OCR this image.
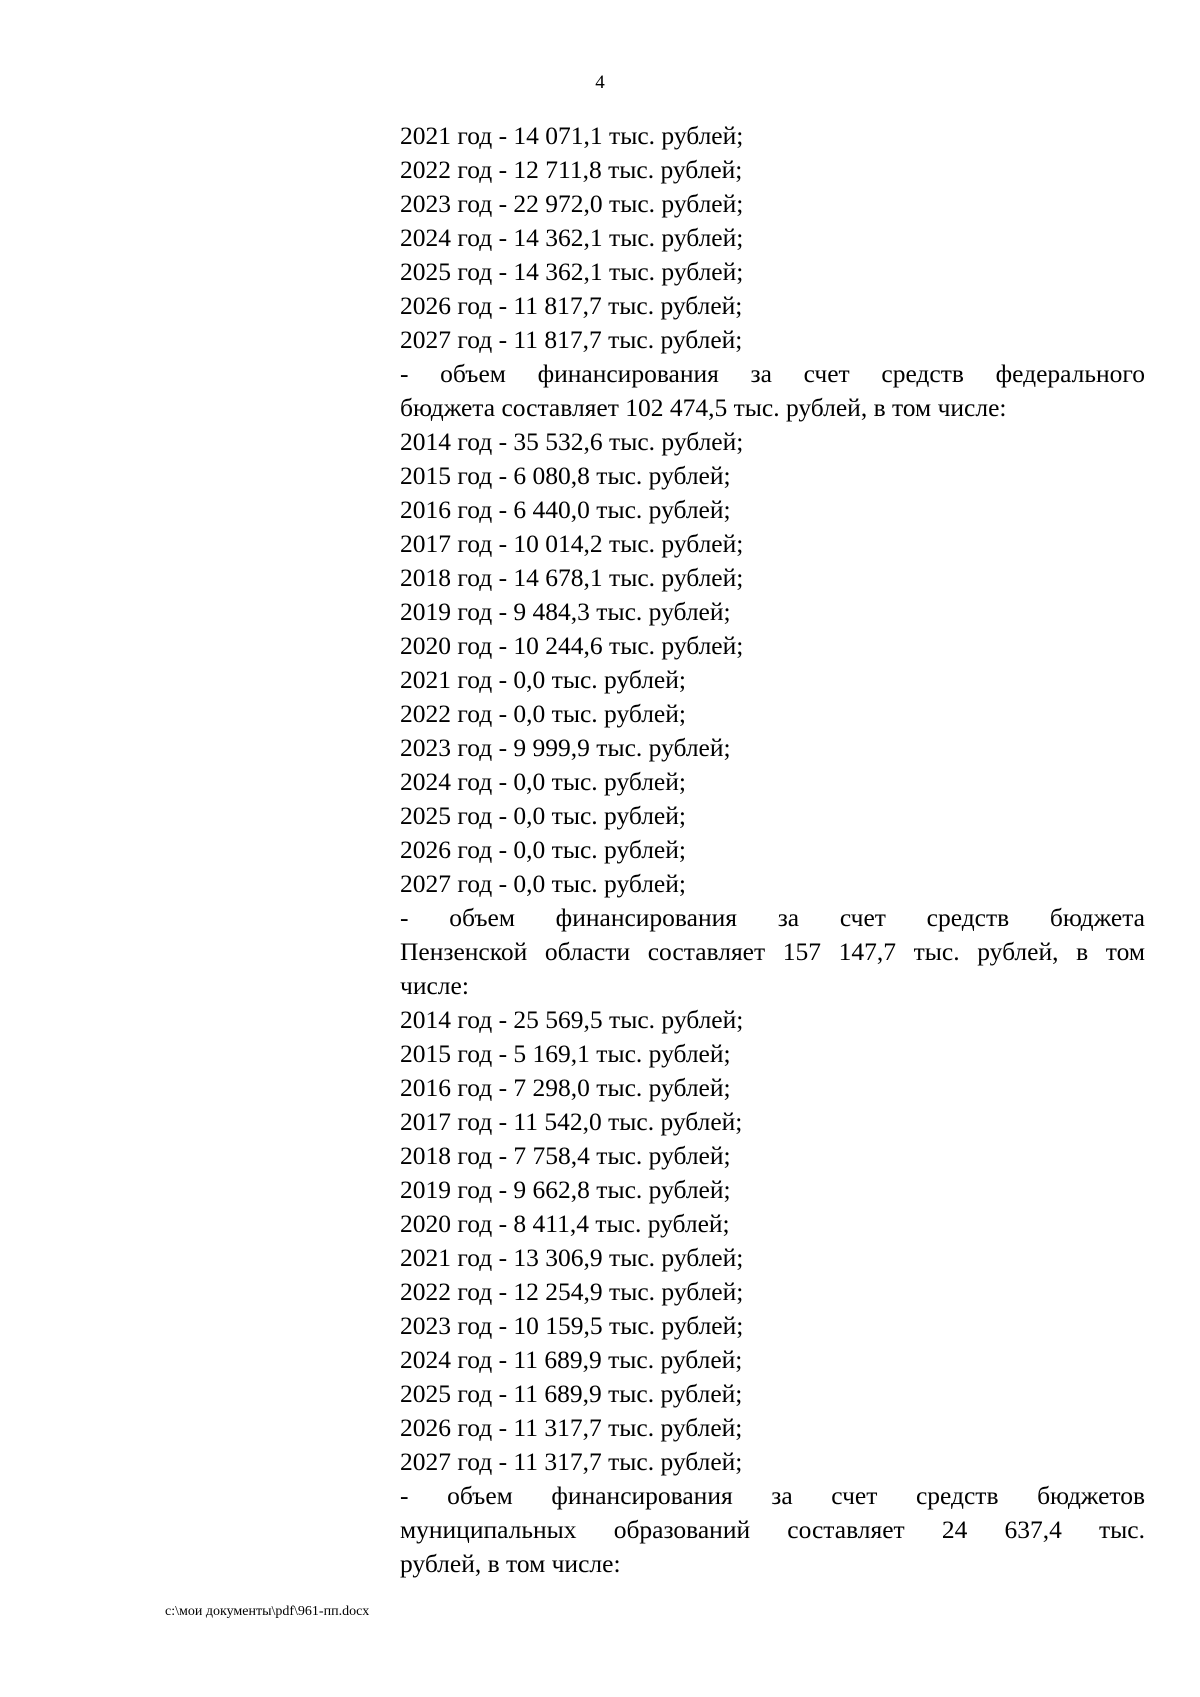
4
2021 год - 14 071,1 тыс. рублей;
2022 год - 12 711,8 тыс. рублей;
2023 год - 22 972,0 тыс. рублей;
2024 год - 14 362,1 тыс. рублей;
2025 год - 14 362,1 тыс. рублей;
2026 год - 11 817,7 тыс. рублей;
2027 год - 11 817,7 тыс. рублей;
- объем финансирования за счет средств федерального
бюджета составляет 102 474,5 тыс. рублей, в том числе:
2014 год - 35 532,6 тыс. рублей;
2015 год - 6 080,8 тыс. рублей;
2016 год - 6 440,0 тыс. рублей;
2017 год - 10 014,2 тыс. рублей;
2018 год - 14 678,1 тыс. рублей;
2019 год - 9 484,3 тыс. рублей;
2020 год - 10 244,6 тыс. рублей;
2021 год - 0,0 тыс. рублей;
2022 год - 0,0 тыс. рублей;
2023 год - 9 999,9 тыс. рублей;
2024 год - 0,0 тыс. рублей;
2025 год - 0,0 тыс. рублей;
2026 год - 0,0 тыс. рублей;
2027 год - 0,0 тыс. рублей;
- объем финансирования за счет средств бюджета
Пензенской области составляет 157 147,7 тыс. рублей, в том
числе:
2014 год - 25 569,5 тыс. рублей;
2015 год - 5 169,1 тыс. рублей;
2016 год - 7 298,0 тыс. рублей;
2017 год - 11 542,0 тыс. рублей;
2018 год - 7 758,4 тыс. рублей;
2019 год - 9 662,8 тыс. рублей;
2020 год - 8 411,4 тыс. рублей;
2021 год - 13 306,9 тыс. рублей;
2022 год - 12 254,9 тыс. рублей;
2023 год - 10 159,5 тыс. рублей;
2024 год - 11 689,9 тыс. рублей;
2025 год - 11 689,9 тыс. рублей;
2026 год - 11 317,7 тыс. рублей;
2027 год - 11 317,7 тыс. рублей;
- объем финансирования за счет средств бюджетов
муниципальных образований составляет 24 637,4 тыс.
рублей, в том числе:
c:\мои документы\pdf\961-пп.docx
